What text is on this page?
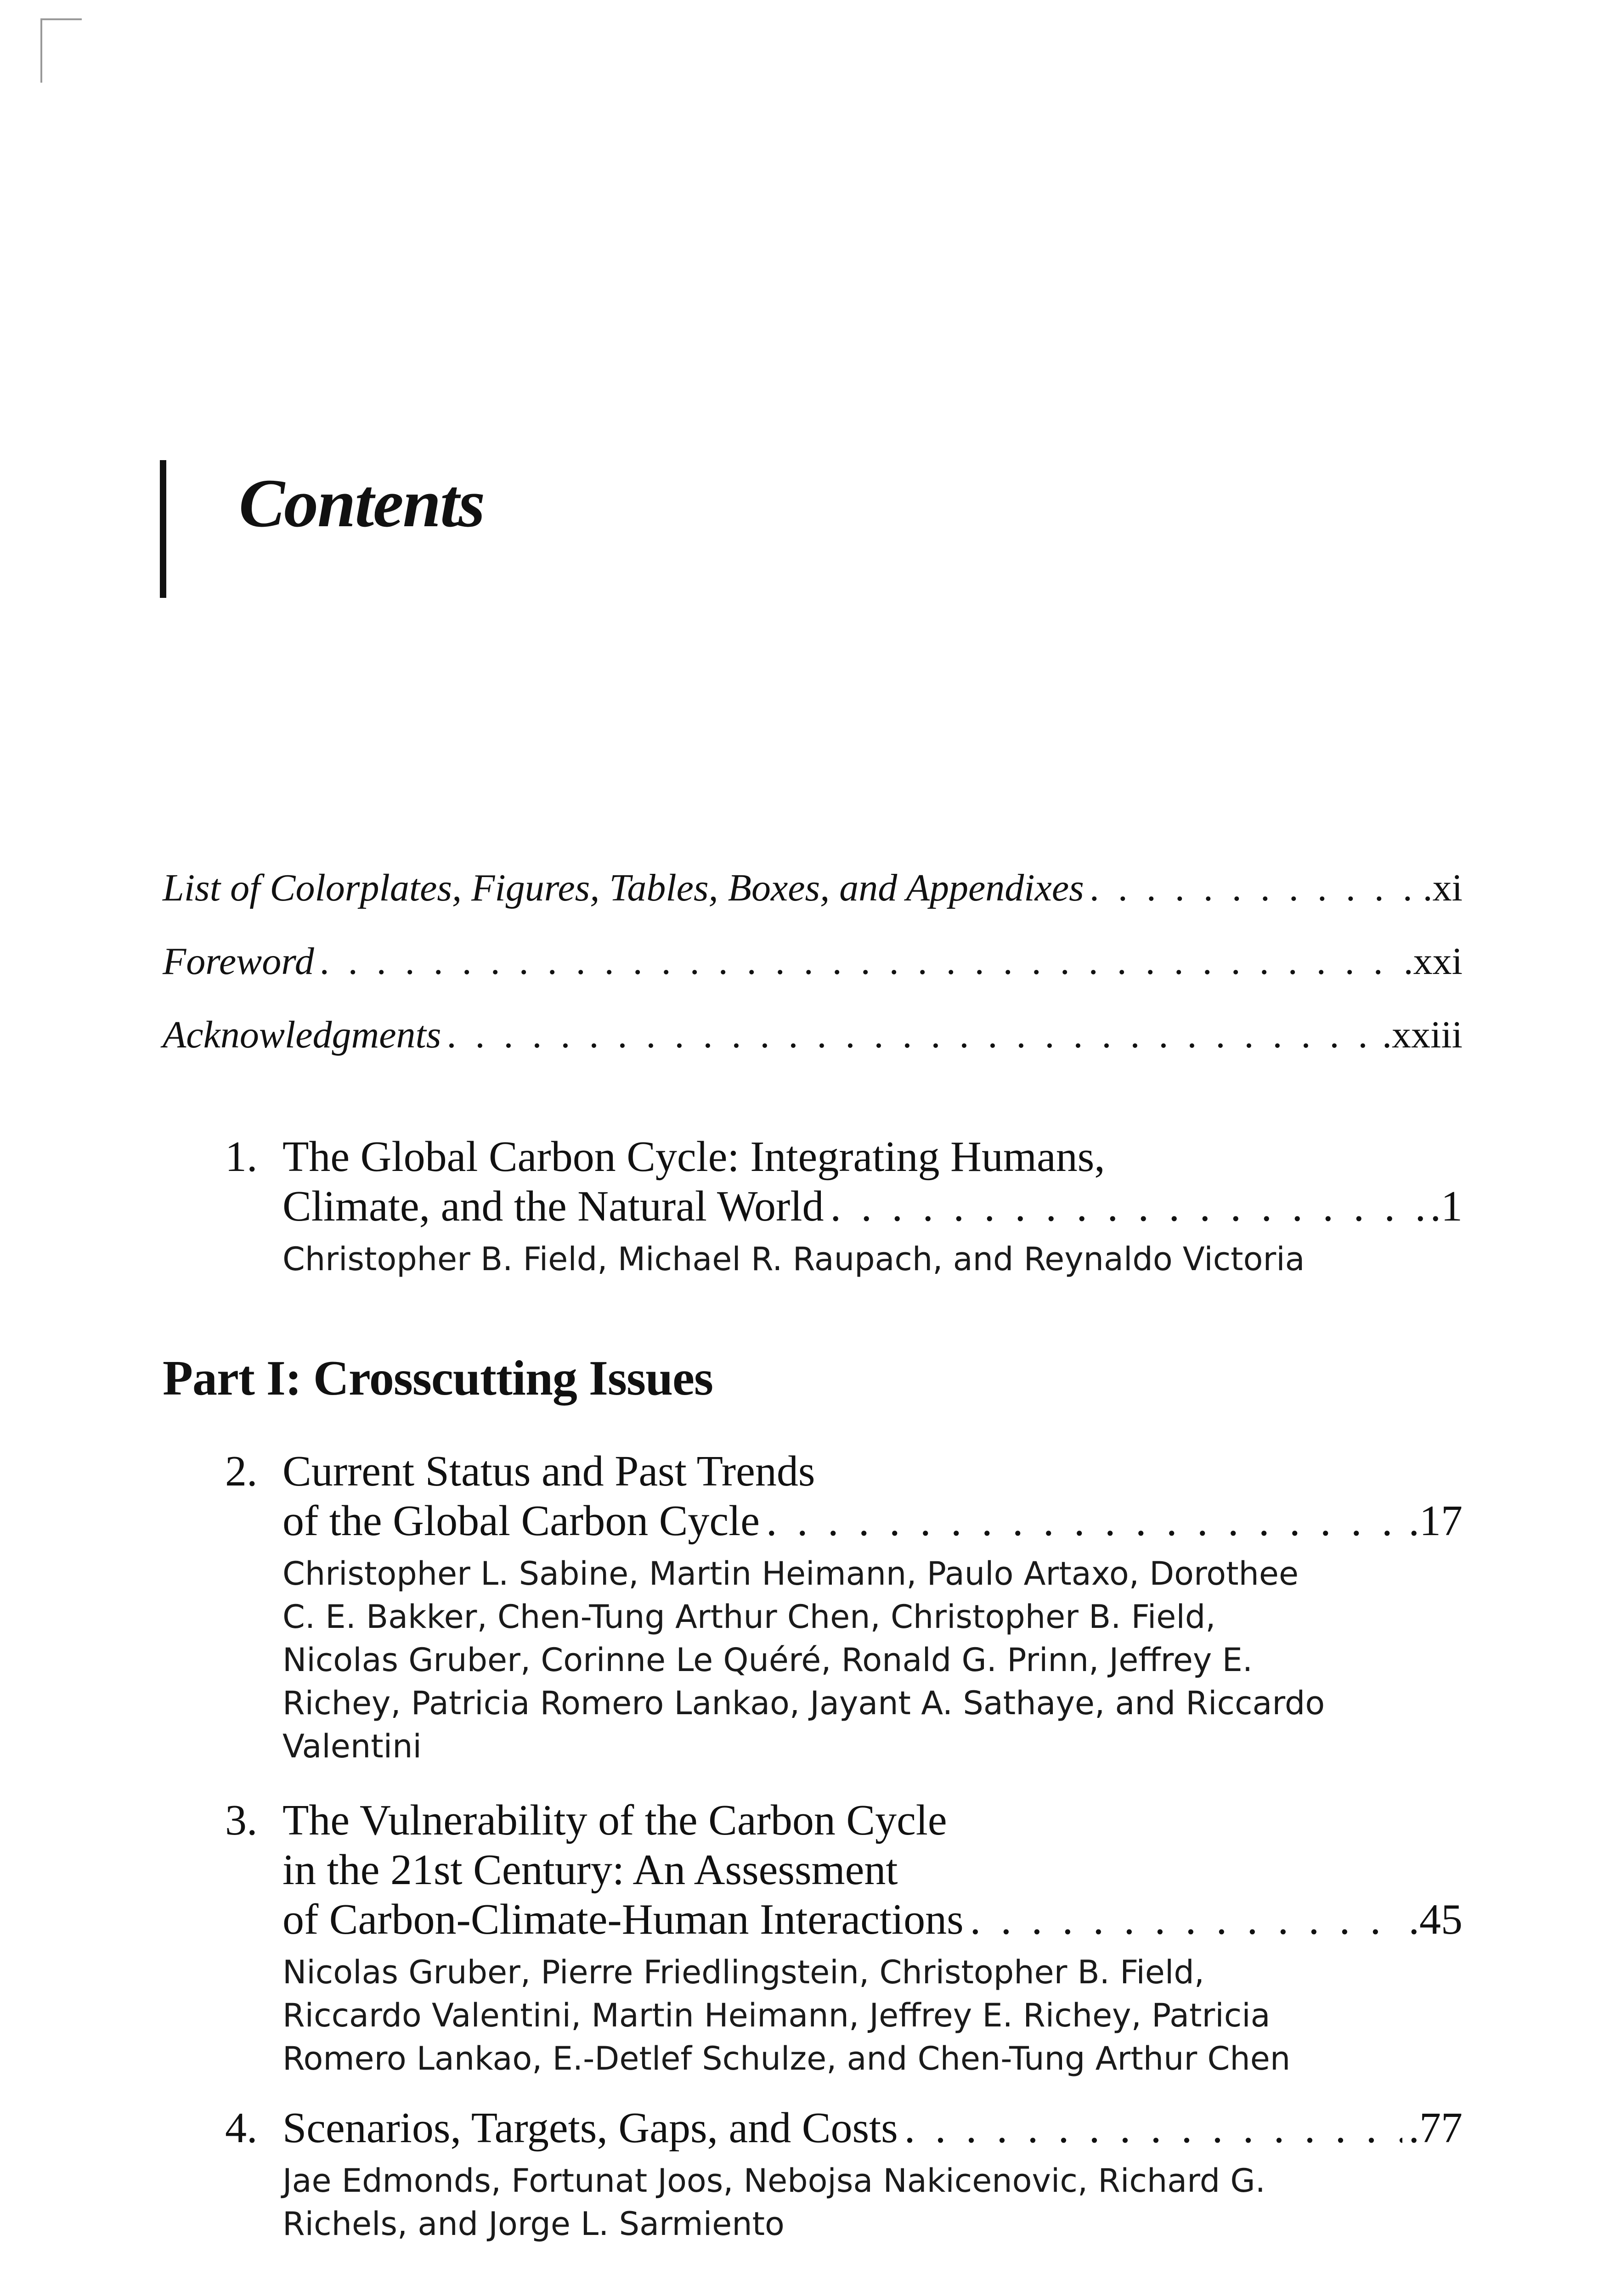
Contents
List of Colorplates, Figures, Tables, Boxes, and Appendixes . . .	.xi
Foreword . . .	.xxi
Acknowledgments . . .	.xxiii
1. The Global Carbon Cycle: Integrating Humans,
Climate, and the Natural World . . .	.1
Christopher B. Field, Michael R. Raupach, and Reynaldo Victoria
Part I: Crosscutting Issues
2. Current Status and Past Trends
of the Global Carbon Cycle . . .	.17
Christopher L. Sabine, Martin Heimann, Paulo Artaxo, Dorothee C. E. Bakker, Chen-Tung Arthur Chen, Christopher B. Field, Nicolas Gruber, Corinne Le Quéré, Ronald G. Prinn, Jeffrey E. Richey, Patricia Romero Lankao, Jayant A. Sathaye, and Riccardo Valentini
3. The Vulnerability of the Carbon Cycle
in the 21st Century: An Assessment
of Carbon-Climate-Human Interactions . . .	.45
Nicolas Gruber, Pierre Friedlingstein, Christopher B. Field, Riccardo Valentini, Martin Heimann, Jeffrey E. Richey, Patricia Romero Lankao, E.-Detlef Schulze, and Chen-Tung Arthur Chen
4. Scenarios, Targets, Gaps, and Costs . . .	.77
Jae Edmonds, Fortunat Joos, Nebojsa Nakicenovic, Richard G. Richels, and Jorge L. Sarmiento
